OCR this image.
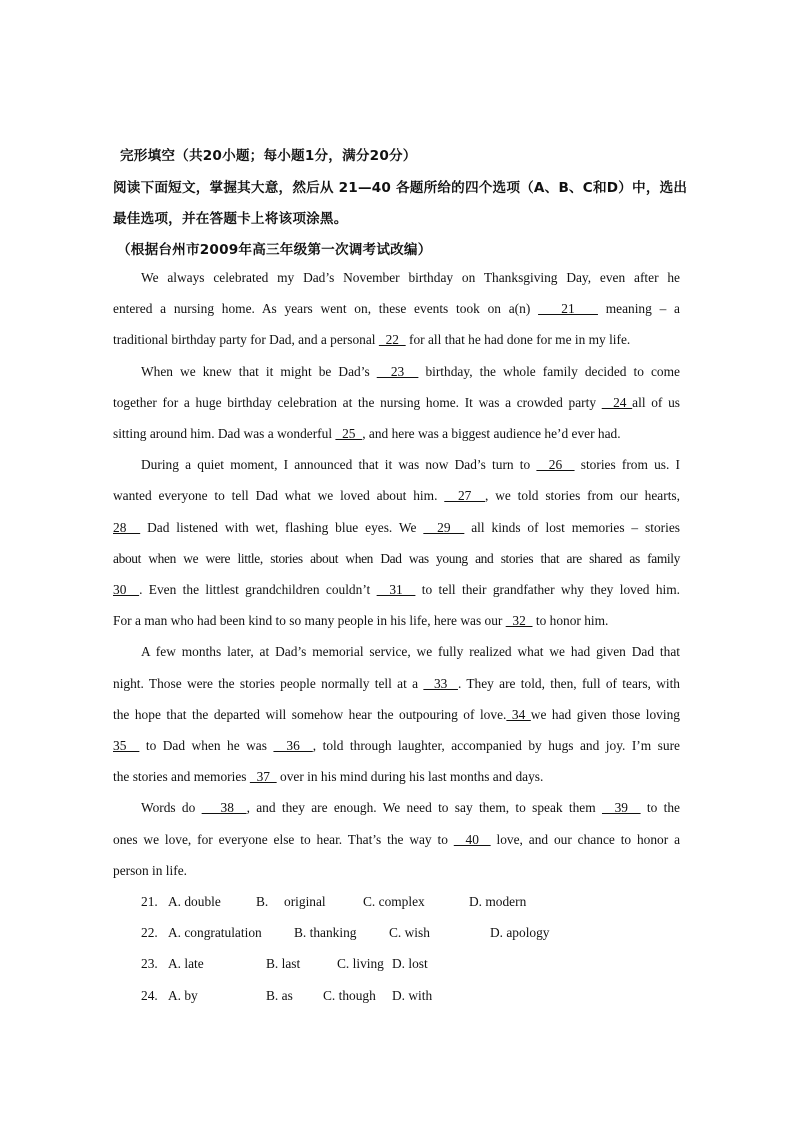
完形填空（共20小题；每小题1分，满分20分）
阅读下面短文，掌握其大意，然后从 21—40 各题所给的四个选项（A、B、C和D）中，选出
最佳选项，并在答题卡上将该项涂黑。
（根据台州市2009年高三年级第一次调考试改编）
We always celebrated my Dad’s November birthday on Thanksgiving Day, even after he
entered a nursing home. As years went on, these events took on a(n)    21    meaning – a
traditional birthday party for Dad, and a personal   22   for all that he had done for me in my life.
When we knew that it might be Dad’s   23   birthday, the whole family decided to come
together for a huge birthday celebration at the nursing home. It was a crowded party   24 all of us
sitting around him. Dad was a wonderful   25  , and here was a biggest audience he’d ever had.
During a quiet moment, I announced that it was now Dad’s turn to   26   stories from us. I
wanted everyone to tell Dad what we loved about him.   27  , we told stories from our hearts,
28   Dad listened with wet, flashing blue eyes. We   29   all kinds of lost memories – stories
about when we were little, stories about when Dad was young and stories that are shared as family
30  . Even the littlest grandchildren couldn’t   31   to tell their grandfather why they loved him.
For a man who had been kind to so many people in his life, here was our   32   to honor him.
A few months later, at Dad’s memorial service, we fully realized what we had given Dad that
night. Those were the stories people normally tell at a   33  . They are told, then, full of tears, with
the hope that the departed will somehow hear the outpouring of love. 34 we had given those loving
35   to Dad when he was   36  , told through laughter, accompanied by hugs and joy. I’m sure
the stories and memories   37   over in his mind during his last months and days.
Words do    38  , and they are enough. We need to say them, to speak them   39   to the
ones we love, for everyone else to hear. That’s the way to   40   love, and our chance to honor a
person in life.
21. A. double	B. original	C. complex	D. modern
22. A. congratulation B. thanking C. wish	D. apology
23. A. late	B. last	C. living D. lost
24. A. by	B. as C. though D. with
